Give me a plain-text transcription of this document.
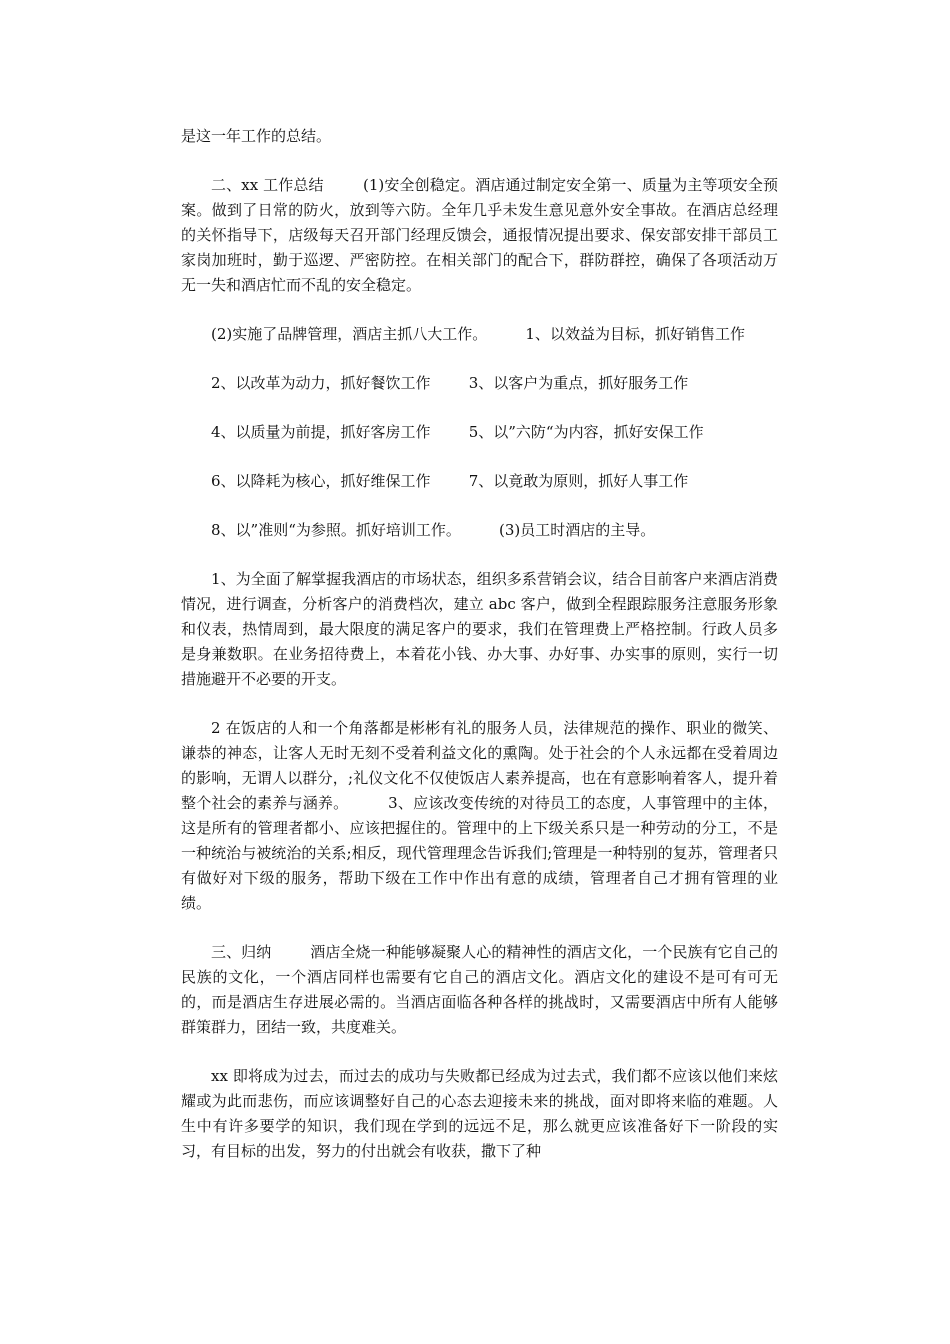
是这一年工作的总结。

二、xx 工作总结        (1)安全创稳定。酒店通过制定安全第一、质量为主等项安全预案。做到了日常的防火，放到等六防。全年几乎未发生意见意外安全事故。在酒店总经理的关怀指导下，店级每天召开部门经理反馈会，通报情况提出要求、保安部安排干部员工家岗加班时，勤于巡逻、严密防控。在相关部门的配合下，群防群控，确保了各项活动万无一失和酒店忙而不乱的安全稳定。

(2)实施了品牌管理，酒店主抓八大工作。        1、以效益为目标，抓好销售工作

2、以改革为动力，抓好餐饮工作        3、以客户为重点，抓好服务工作

4、以质量为前提，抓好客房工作        5、以”六防“为内容，抓好安保工作

6、以降耗为核心，抓好维保工作        7、以竟敢为原则，抓好人事工作

8、以”准则“为参照。抓好培训工作。        (3)员工时酒店的主导。

1、为全面了解掌握我酒店的市场状态，组织多系营销会议，结合目前客户来酒店消费情况，进行调查，分析客户的消费档次，建立 abc 客户，做到全程跟踪服务注意服务形象和仪表，热情周到，最大限度的满足客户的要求，我们在管理费上严格控制。行政人员多是身兼数职。在业务招待费上，本着花小钱、办大事、办好事、办实事的原则，实行一切措施避开不必要的开支。

2 在饭店的人和一个角落都是彬彬有礼的服务人员，法律规范的操作、职业的微笑、谦恭的神态，让客人无时无刻不受着利益文化的熏陶。处于社会的个人永远都在受着周边的影响，无谓人以群分，;礼仪文化不仅使饭店人素养提高，也在有意影响着客人，提升着整个社会的素养与涵养。        3、应该改变传统的对待员工的态度，人事管理中的主体，这是所有的管理者都小、应该把握住的。管理中的上下级关系只是一种劳动的分工，不是一种统治与被统治的关系;相反，现代管理理念告诉我们;管理是一种特别的复苏，管理者只有做好对下级的服务，帮助下级在工作中作出有意的成绩，管理者自己才拥有管理的业绩。

三、归纳        酒店全烧一种能够凝聚人心的精神性的酒店文化，一个民族有它自己的民族的文化，一个酒店同样也需要有它自己的酒店文化。酒店文化的建设不是可有可无的，而是酒店生存进展必需的。当酒店面临各种各样的挑战时，又需要酒店中所有人能够群策群力，团结一致，共度难关。

xx 即将成为过去，而过去的成功与失败都已经成为过去式，我们都不应该以他们来炫耀或为此而悲伤，而应该调整好自己的心态去迎接未来的挑战，面对即将来临的难题。人生中有许多要学的知识，我们现在学到的远远不足，那么就更应该准备好下一阶段的实习，有目标的出发，努力的付出就会有收获，撒下了种
